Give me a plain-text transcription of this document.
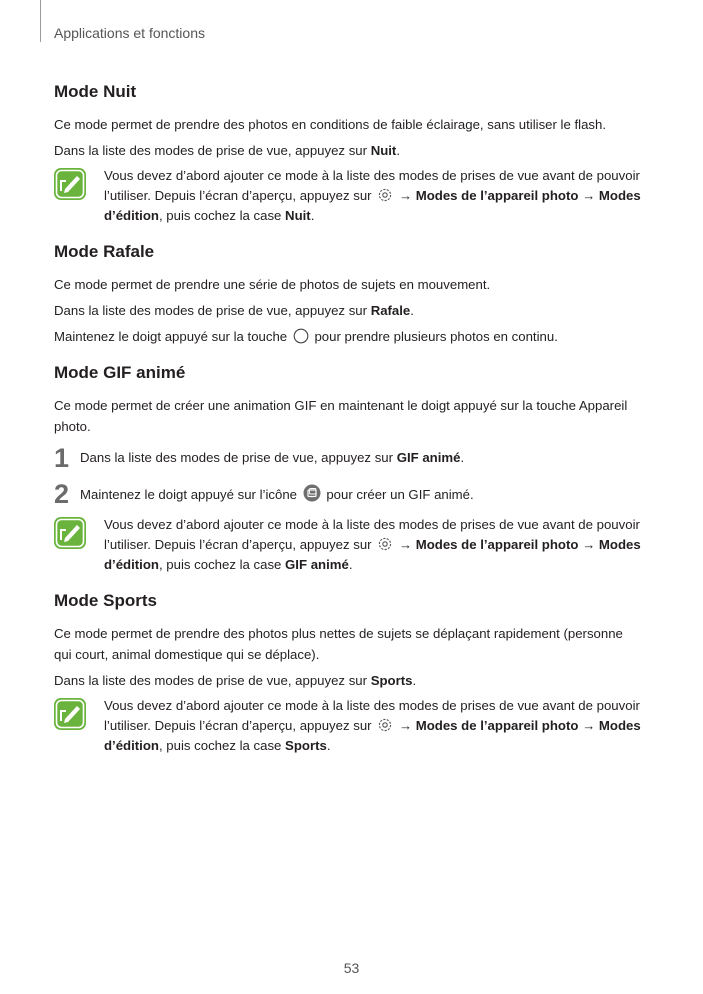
Applications et fonctions
Mode Nuit

Ce mode permet de prendre des photos en conditions de faible éclairage, sans utiliser le flash.

Dans la liste des modes de prise de vue, appuyez sur Nuit.

Vous devez d’abord ajouter ce mode à la liste des modes de prises de vue avant de pouvoir l’utiliser. Depuis l’écran d’aperçu, appuyez sur  → Modes de l’appareil photo → Modes d’édition, puis cochez la case Nuit.
Mode Rafale

Ce mode permet de prendre une série de photos de sujets en mouvement.

Dans la liste des modes de prise de vue, appuyez sur Rafale.

Maintenez le doigt appuyé sur la touche  pour prendre plusieurs photos en continu.

Mode GIF animé

Ce mode permet de créer une animation GIF en maintenant le doigt appuyé sur la touche Appareil photo.

1 Dans la liste des modes de prise de vue, appuyez sur GIF animé.
2 Maintenez le doigt appuyé sur l’icône  pour créer un GIF animé.
Vous devez d’abord ajouter ce mode à la liste des modes de prises de vue avant de pouvoir l’utiliser. Depuis l’écran d’aperçu, appuyez sur  → Modes de l’appareil photo → Modes d’édition, puis cochez la case GIF animé.
Mode Sports

Ce mode permet de prendre des photos plus nettes de sujets se déplaçant rapidement (personne qui court, animal domestique qui se déplace).

Dans la liste des modes de prise de vue, appuyez sur Sports.

Vous devez d’abord ajouter ce mode à la liste des modes de prises de vue avant de pouvoir l’utiliser. Depuis l’écran d’aperçu, appuyez sur  → Modes de l’appareil photo → Modes d’édition, puis cochez la case Sports.
53
